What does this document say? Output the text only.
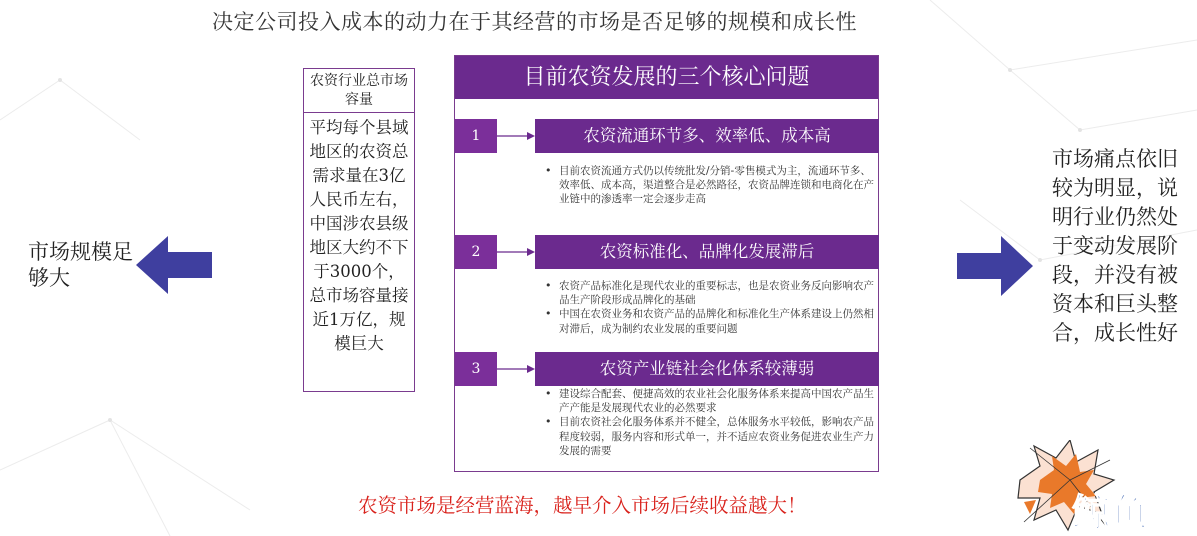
决定公司投入成本的动力在于其经营的市场是否足够的规模和成长性
农资行业总市场容量
平均每个县域地区的农资总需求量在3亿人民币左右，中国涉农县级地区大约不下于3000个，总市场容量接近1万亿，规模巨大
市场规模足够大
目前农资发展的三个核心问题
1	农资流通环节多、效率低、成本高
• 目前农资流通方式仍以传统批发/分销-零售模式为主，流通环节多、效率低、成本高，渠道整合是必然路径，农资品牌连锁和电商化在产业链中的渗透率一定会逐步走高
2	农资标准化、品牌化发展滞后
• 农资产品标准化是现代农业的重要标志，也是农资业务反向影响农产品生产阶段形成品牌化的基础
• 中国在农资业务和农资产品的品牌化和标准化生产体系建设上仍然相对滞后，成为制约农业发展的重要问题
3	农资产业链社会化体系较薄弱
• 建设综合配套、便捷高效的农业社会化服务体系来提高中国农产品生产产能是发展现代农业的必然要求
• 目前农资社会化服务体系并不健全，总体服务水平较低，影响农产品程度较弱，服务内容和形式单一，并不适应农资业务促进农业生产力发展的需要
市场痛点依旧较为明显，说明行业仍然处于变动发展阶段，并没有被资本和巨头整合，成长性好
农资市场是经营蓝海，越早介入市场后续收益越大！	鲸鱼
